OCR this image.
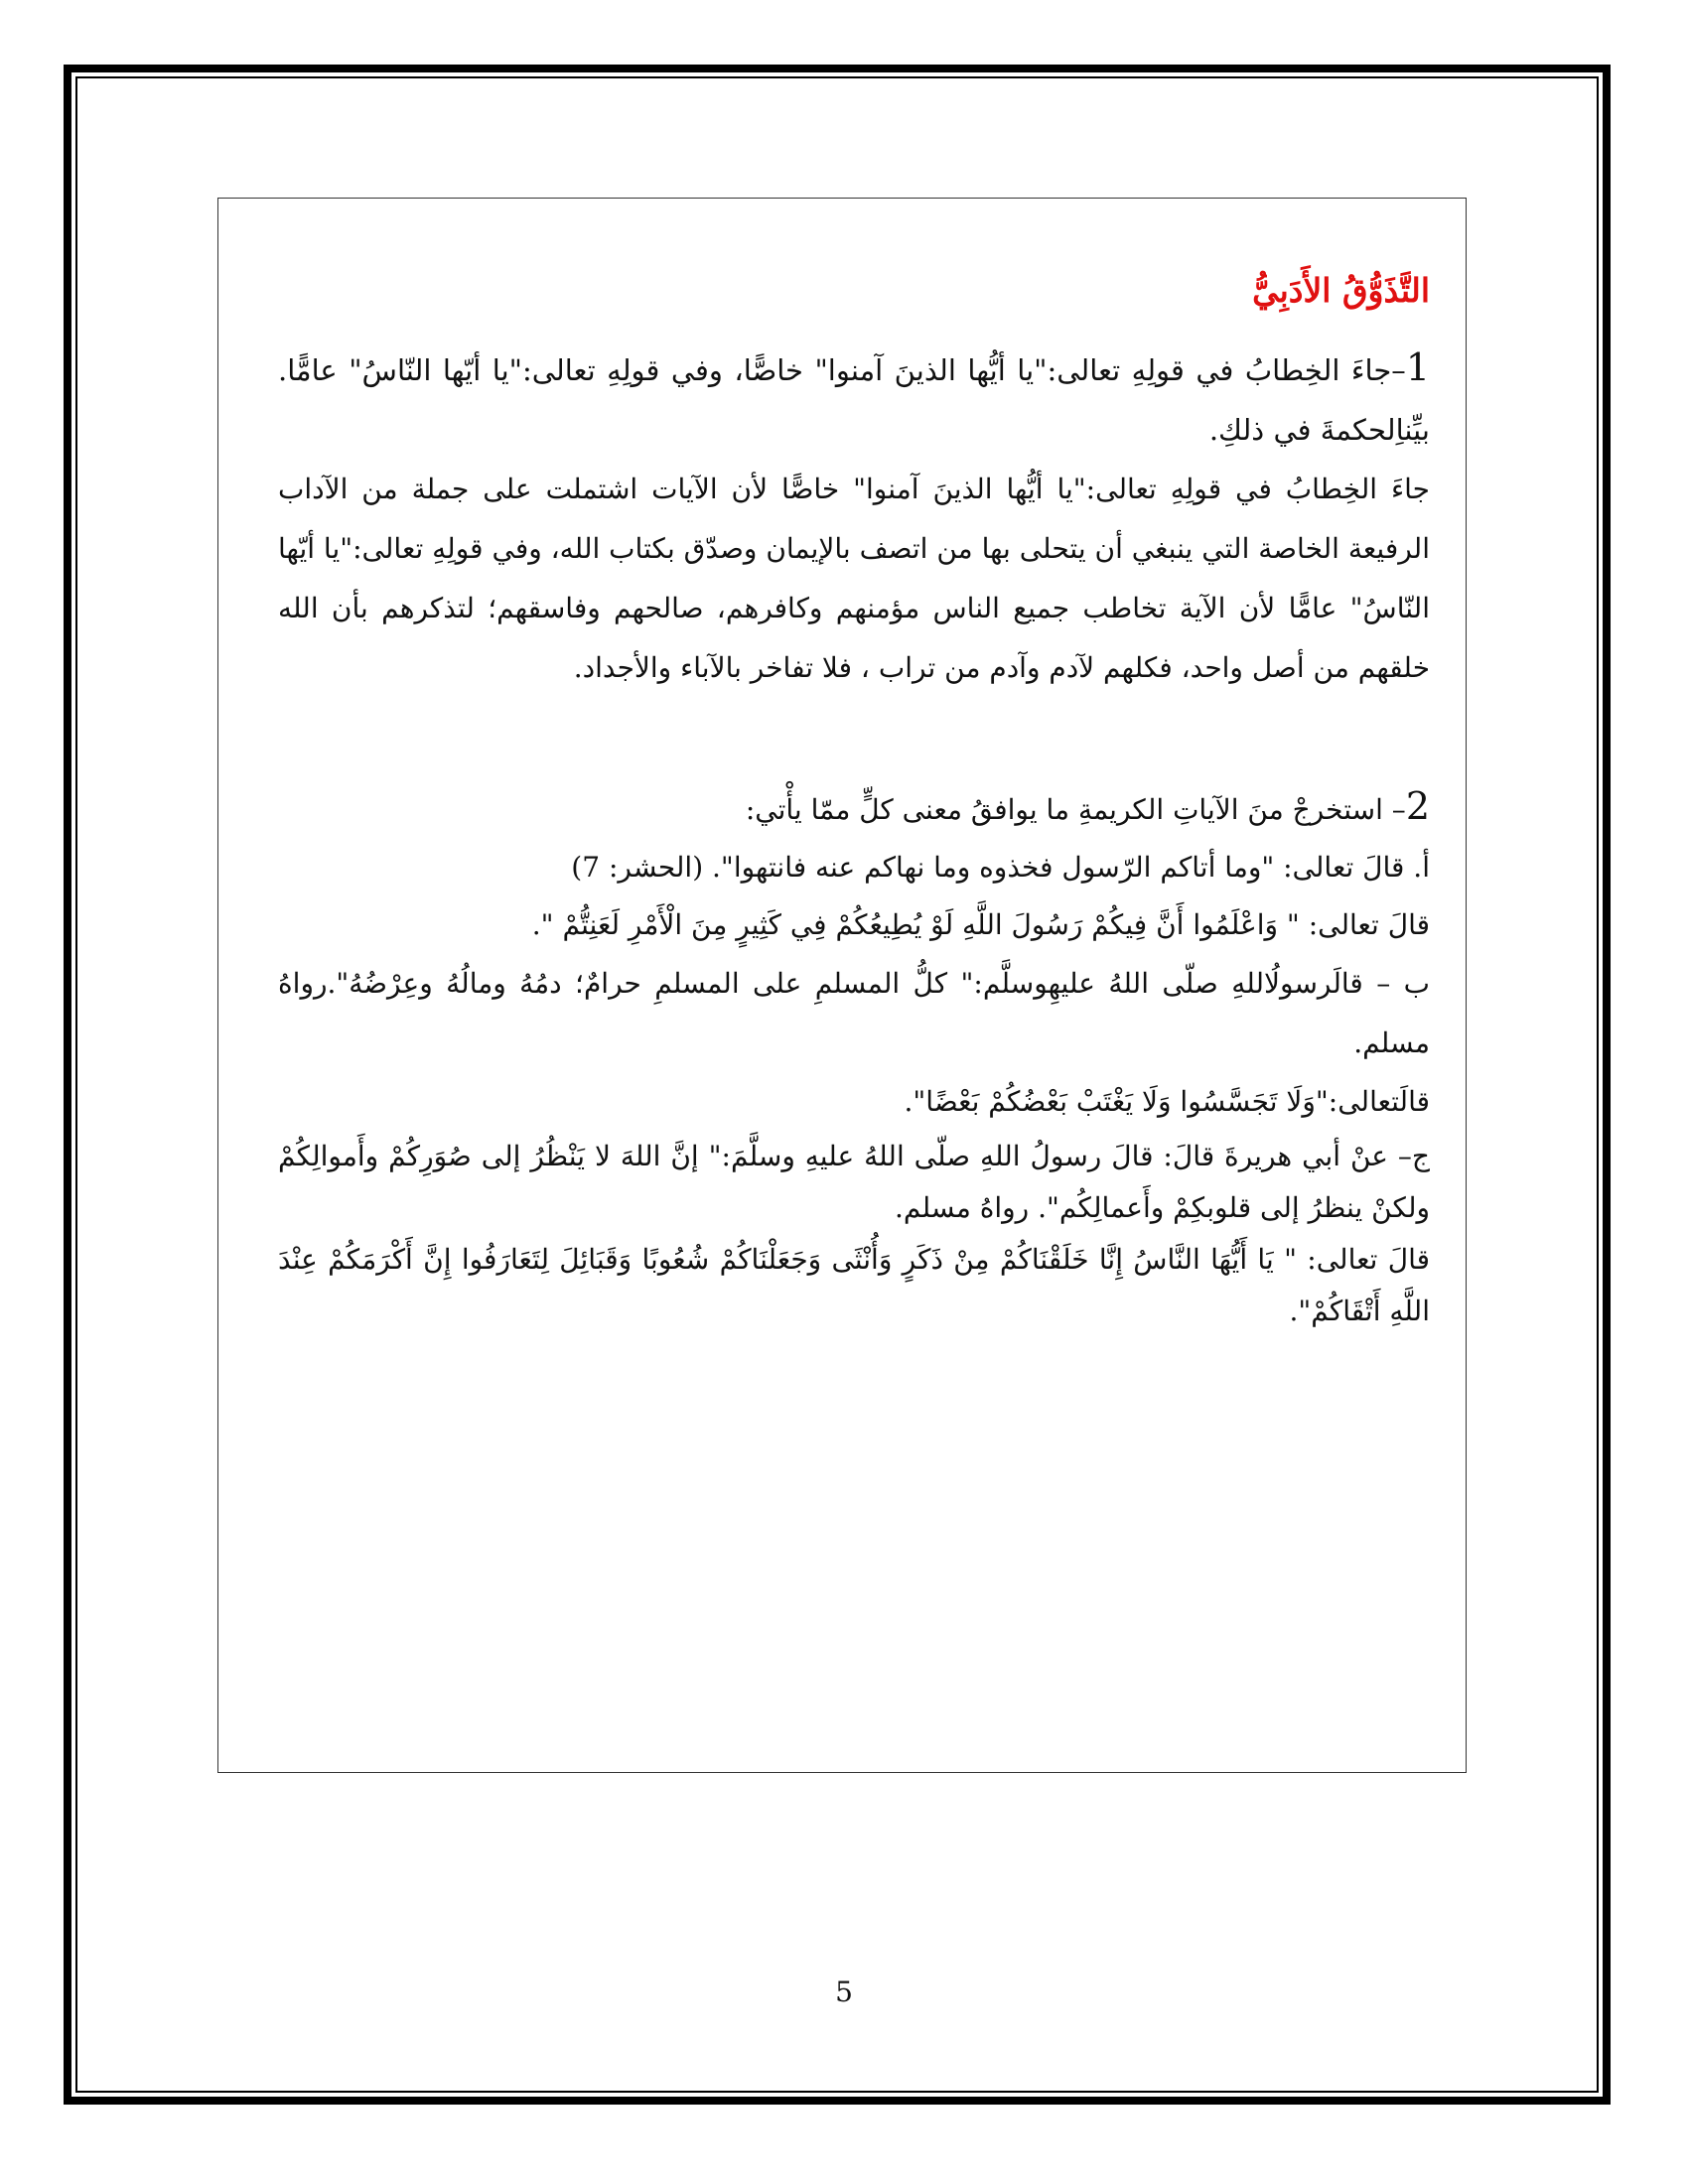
التَّذَوُّقُ الأَدَبِيُّ

1–جاءَ الخِطابُ في قولِهِ تعالى:"يا أيُّها الذينَ آمنوا" خاصًّا، وفي قولِهِ تعالى:"يا أيّها النّاسُ" عامًّا. بيِّناِلحكمةَ في ذلكِ.

جاءَ الخِطابُ في قولِهِ تعالى:"يا أيُّها الذينَ آمنوا" خاصًّا لأن الآيات اشتملت على جملة من الآداب الرفيعة الخاصة التي ينبغي أن يتحلى بها من اتصف بالإيمان وصدّق بكتاب الله، وفي قولِهِ تعالى:"يا أيّها النّاسُ" عامًّا لأن الآية تخاطب جميع الناس مؤمنهم وكافرهم، صالحهم وفاسقهم؛ لتذكرهم بأن الله خلقهم من أصل واحد، فكلهم لآدم وآدم من تراب ، فلا تفاخر بالآباء والأجداد.

2– استخرجْ منَ الآياتِ الكريمةِ ما يوافقُ معنى كلٍّ ممّا يأْتي:

أ. قالَ تعالى: "وما أتاكم الرّسول فخذوه وما نهاكم عنه فانتهوا". (الحشر: 7)

قالَ تعالى: " وَاعْلَمُوا أَنَّ فِيكُمْ رَسُولَ اللَّهِ لَوْ يُطِيعُكُمْ فِي كَثِيرٍ مِنَ الْأَمْرِ لَعَنِتُّمْ ".

ب – قالَرسولُاللهِ صلّى اللهُ عليهِوسلَّم:" كلُّ المسلمِ على المسلمِ حرامٌ؛ دمُهُ ومالُهُ وعِرْضُهُ".رواهُ مسلم.

قالَتعالى:"وَلَا تَجَسَّسُوا وَلَا يَغْتَبْ بَعْضُكُمْ بَعْضًا".

ج– عنْ أبي هريرةَ قالَ: قالَ رسولُ اللهِ صلّى اللهُ عليهِ وسلَّمَ:" إنَّ اللهَ لا يَنْظُرُ إلى صُوَرِكُمْ وأَموالِكُمْ ولكنْ ينظرُ إلى قلوبكِمْ وأَعمالِكُم". رواهُ مسلم.

قالَ تعالى: " يَا أَيُّهَا النَّاسُ إِنَّا خَلَقْنَاكُمْ مِنْ ذَكَرٍ وَأُنْثَى وَجَعَلْنَاكُمْ شُعُوبًا وَقَبَائِلَ لِتَعَارَفُوا إِنَّ أَكْرَمَكُمْ عِنْدَ اللَّهِ أَتْقَاكُمْ".

5
